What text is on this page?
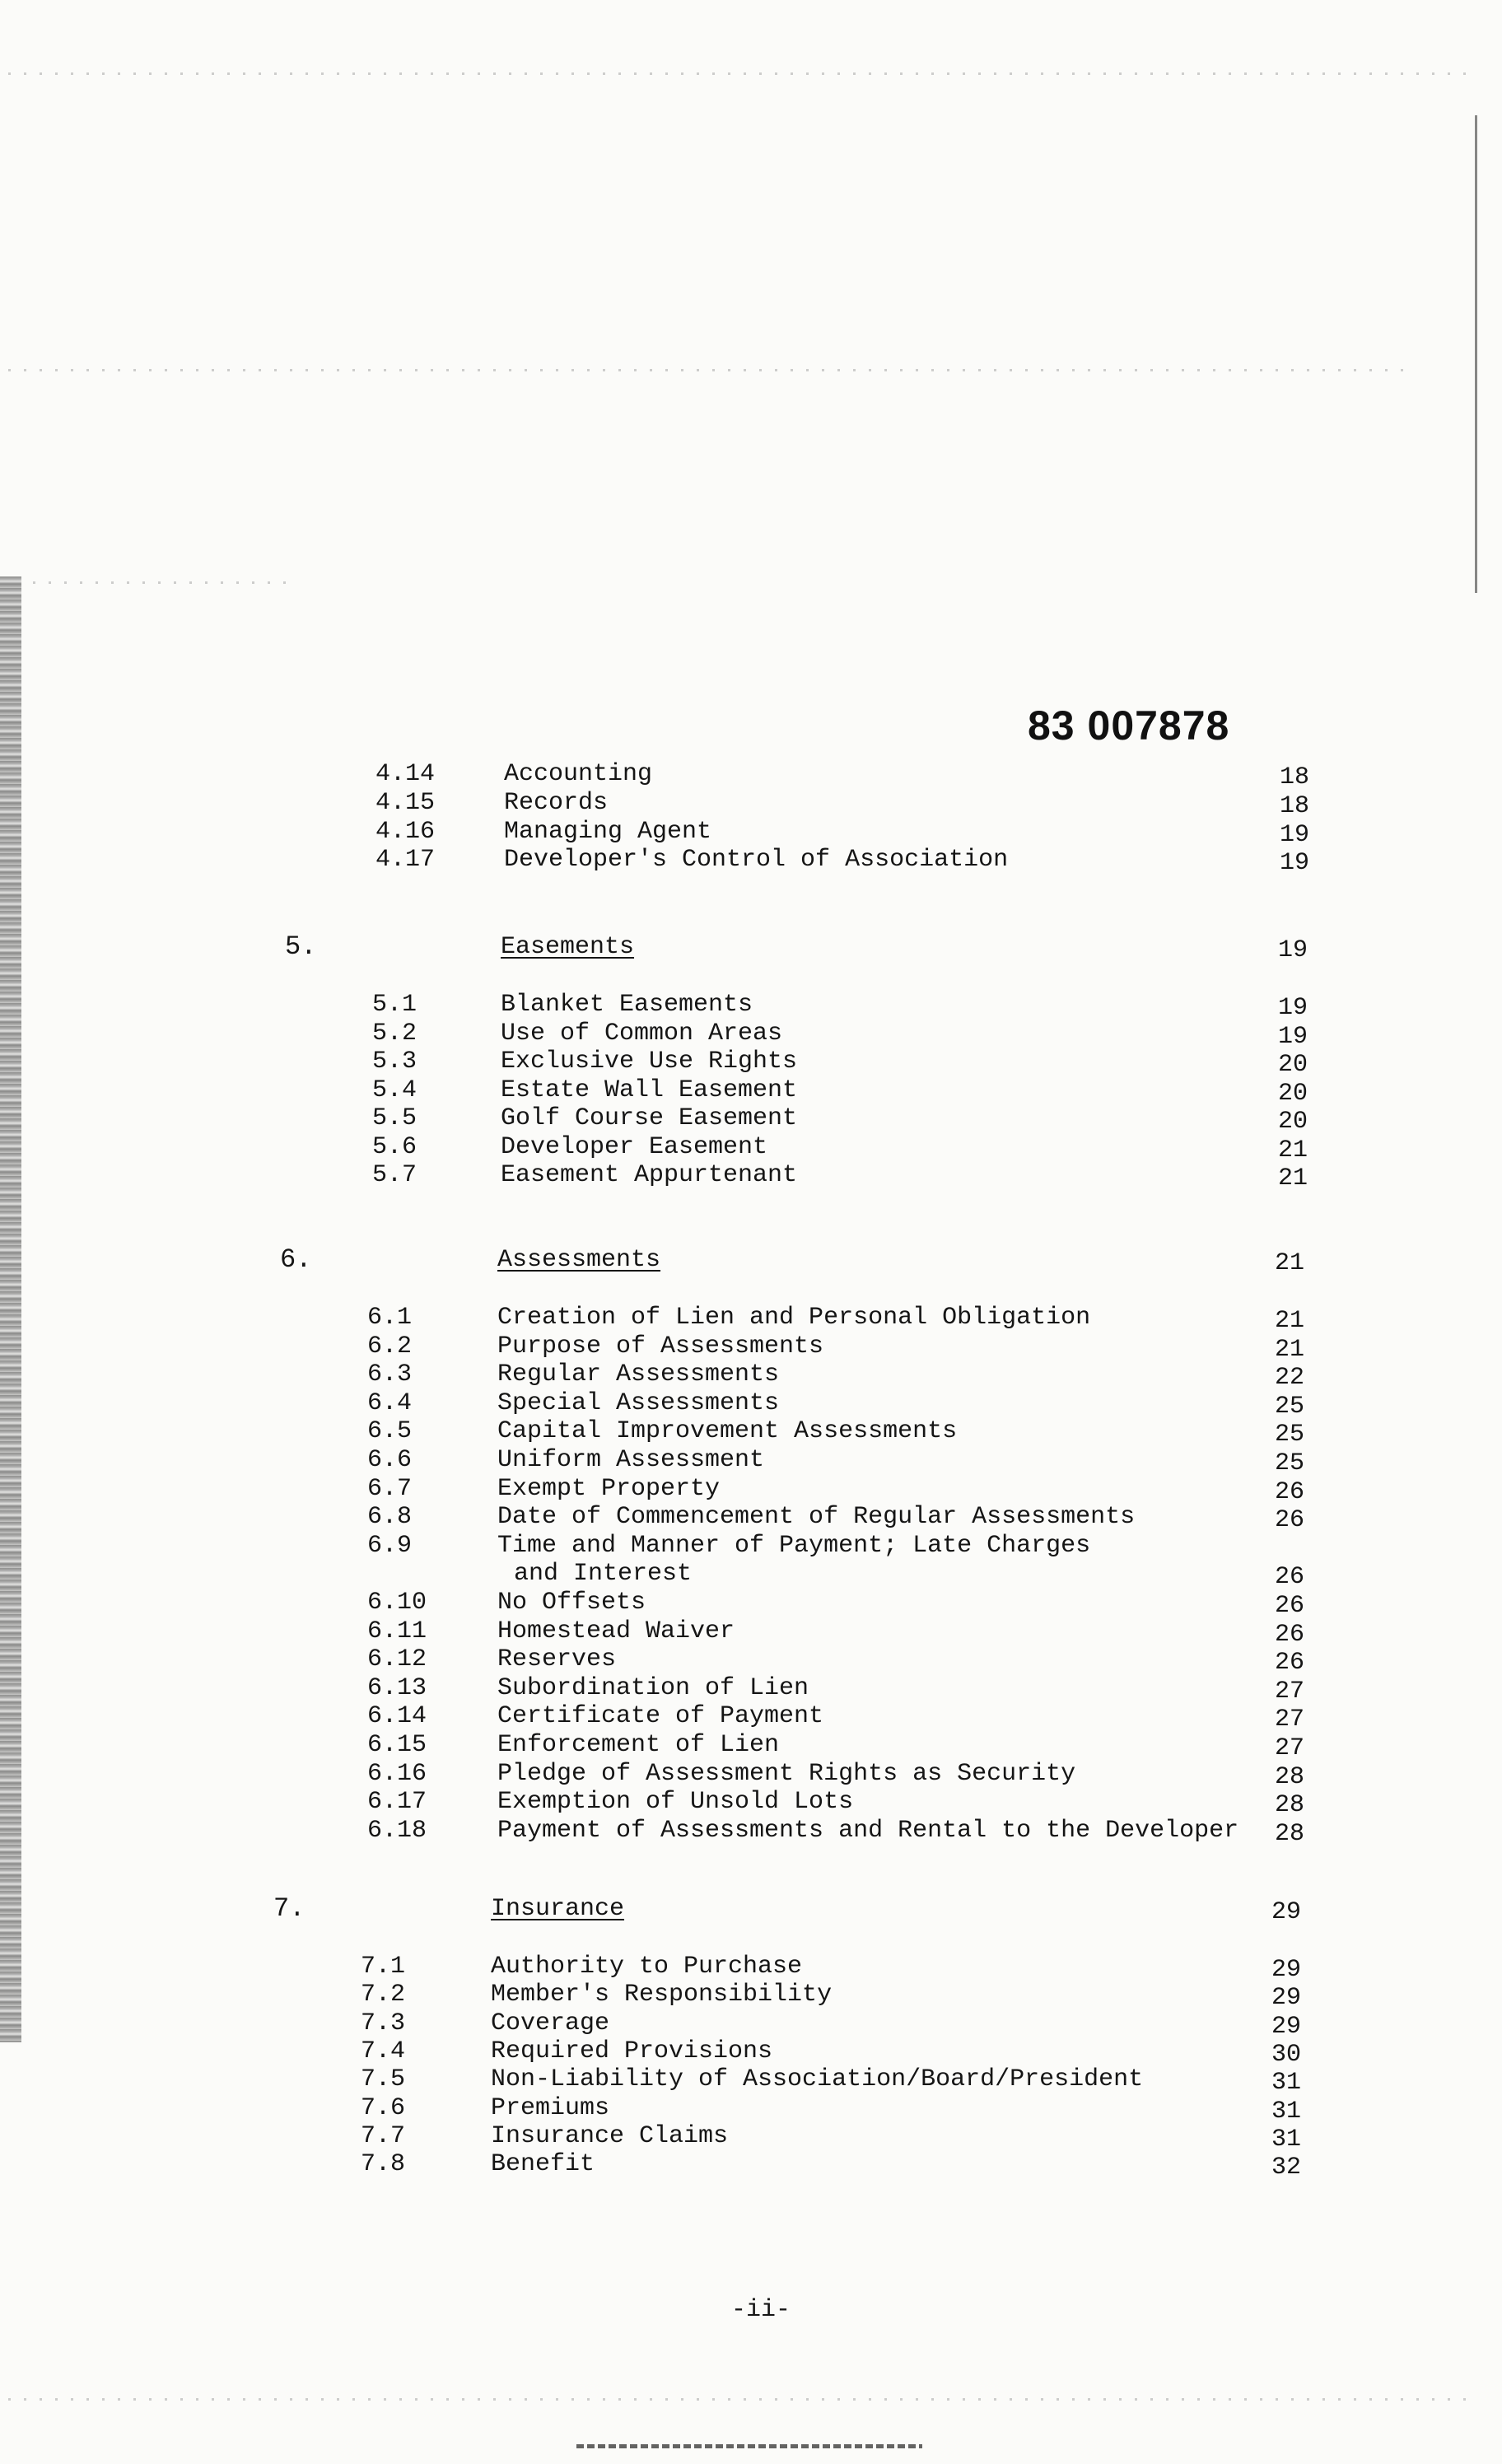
83 007878
4.14	Accounting	18
4.15	Records	18
4.16	Managing Agent	19
4.17	Developer's Control of Association	19
5.	Easements	19
5.1	Blanket Easements	19
5.2	Use of Common Areas	19
5.3	Exclusive Use Rights	20
5.4	Estate Wall Easement	20
5.5	Golf Course Easement	20
5.6	Developer Easement	21
5.7	Easement Appurtenant	21
6.	Assessments	21
6.1	Creation of Lien and Personal Obligation	21
6.2	Purpose of Assessments	21
6.3	Regular Assessments	22
6.4	Special Assessments	25
6.5	Capital Improvement Assessments	25
6.6	Uniform Assessment	25
6.7	Exempt Property	26
6.8	Date of Commencement of Regular Assessments	26
6.9	Time and Manner of Payment; Late Charges
and Interest	26
6.10	No Offsets	26
6.11	Homestead Waiver	26
6.12	Reserves	26
6.13	Subordination of Lien	27
6.14	Certificate of Payment	27
6.15	Enforcement of Lien	27
6.16	Pledge of Assessment Rights as Security	28
6.17	Exemption of Unsold Lots	28
6.18	Payment of Assessments and Rental to the Developer 28
7.	Insurance	29
7.1	Authority to Purchase	29
7.2	Member's Responsibility	29
7.3	Coverage	29
7.4	Required Provisions	30
7.5	Non-Liability of Association/Board/President	31
7.6	Premiums	31
7.7	Insurance Claims	31
7.8	Benefit	32
-ii-
